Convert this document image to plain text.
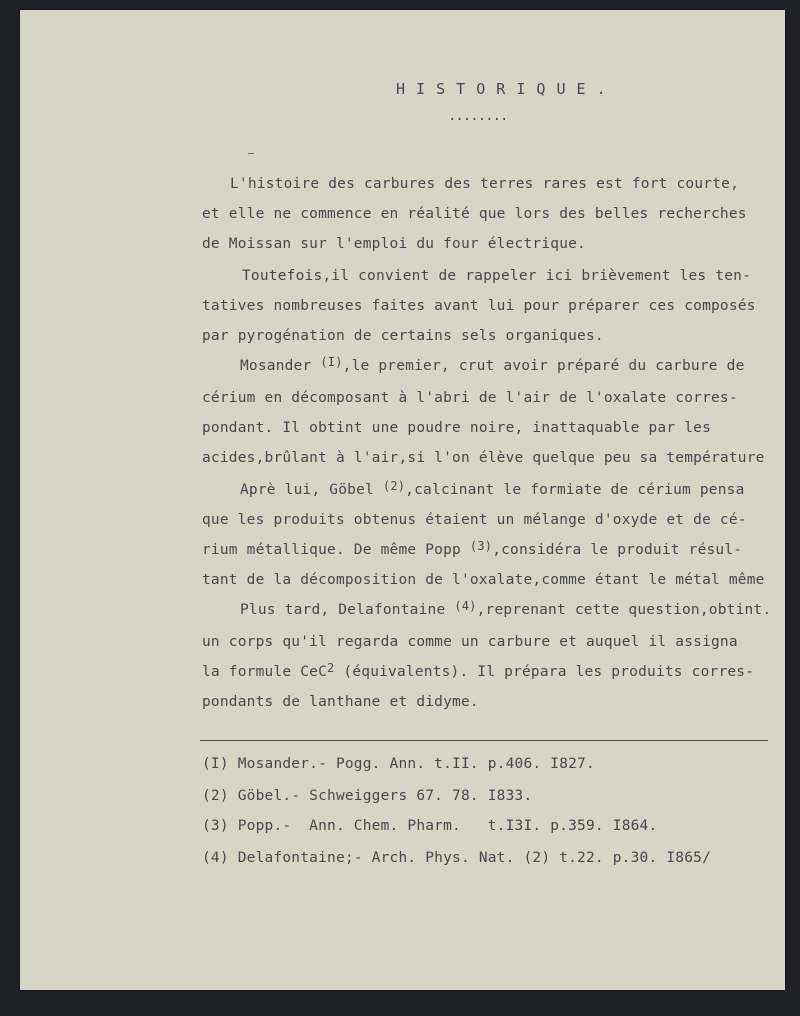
H I S T O R I Q U E .
........
L'histoire des carbures des terres rares est fort courte,
et elle ne commence en réalité que lors des belles recherches
de Moissan sur l'emploi du four électrique.
Toutefois,il convient de rappeler ici brièvement les ten-
tatives nombreuses faites avant lui pour préparer ces composés
par pyrogénation de certains sels organiques.
Mosander $^{(I)}$,le premier, crut avoir préparé du carbure de
cérium en décomposant à l'abri de l'air de l'oxalate corres-
pondant. Il obtint une poudre noire, inattaquable par les
acides,brûlant à l'air,si l'on élève quelque peu sa température
Aprè lui, Göbel $^{(2)}$,calcinant le formiate de cérium pensa
que les produits obtenus étaient un mélange d'oxyde et de cé-
rium métallique. De même Popp $^{(3)}$,considéra le produit résul-
tant de la décomposition de l'oxalate,comme étant le métal même
Plus tard, Delafontaine $^{(4)}$,reprenant cette question,obtint.
un corps qu'il regarda comme un carbure et auquel il assigna
la formule CeC$^2$ (équivalents). Il prépara les produits corres-
pondants de lanthane et didyme.
(I) Mosander.- Pogg. Ann. t.II. p.406. I827.
(2) Göbel.- Schweiggers 67. 78. I833.
(3) Popp.-  Ann. Chem. Pharm.   t.I3I. p.359. I864.
(4) Delafontaine;- Arch. Phys. Nat. (2) t.22. p.30. I865/
